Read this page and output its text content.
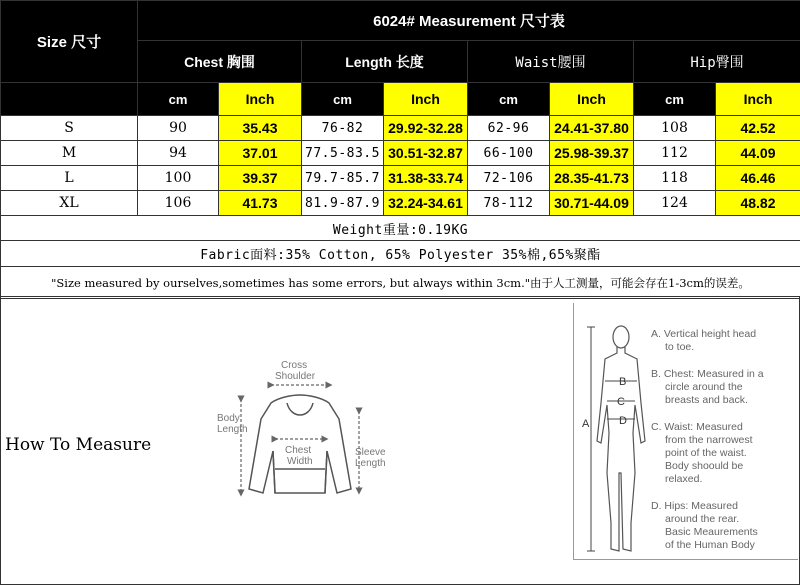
Size 尺寸	6024# Measurement 尺寸表							
	Chest 胸围		Length 长度		Waist腰围		Hip臀围	
	cm	Inch	cm	Inch	cm	Inch	cm	Inch
S	90	35.43	76-82	29.92-32.28	62-96	24.41-37.80	108	42.52
M	94	37.01	77.5-83.5	30.51-32.87	66-100	25.98-39.37	112	44.09
L	100	39.37	79.7-85.7	31.38-33.74	72-106	28.35-41.73	118	46.46
XL	106	41.73	81.9-87.9	32.24-34.61	78-112	30.71-44.09	124	48.82
Weight重量:0.19KG								
Fabric面料:35% Cotton, 65% Polyester 35%棉,65%聚酯								
"Size measured by ourselves,sometimes has some errors, but always within 3cm."由于人工测量，可能会存在1-3cm的误差。								
How To Measure
Cross
Shoulder
Body
Length
Chest
Width
Sleeve
Length
B
C
D
A
A. Vertical height head
to toe.
B. Chest: Measured in a
circle around the
breasts and back.
C. Waist: Measured
from the narrowest
point of the waist.
Body shoould be
relaxed.
D. Hips: Measured
around the rear.
Basic Meaurements
of the Human Body
